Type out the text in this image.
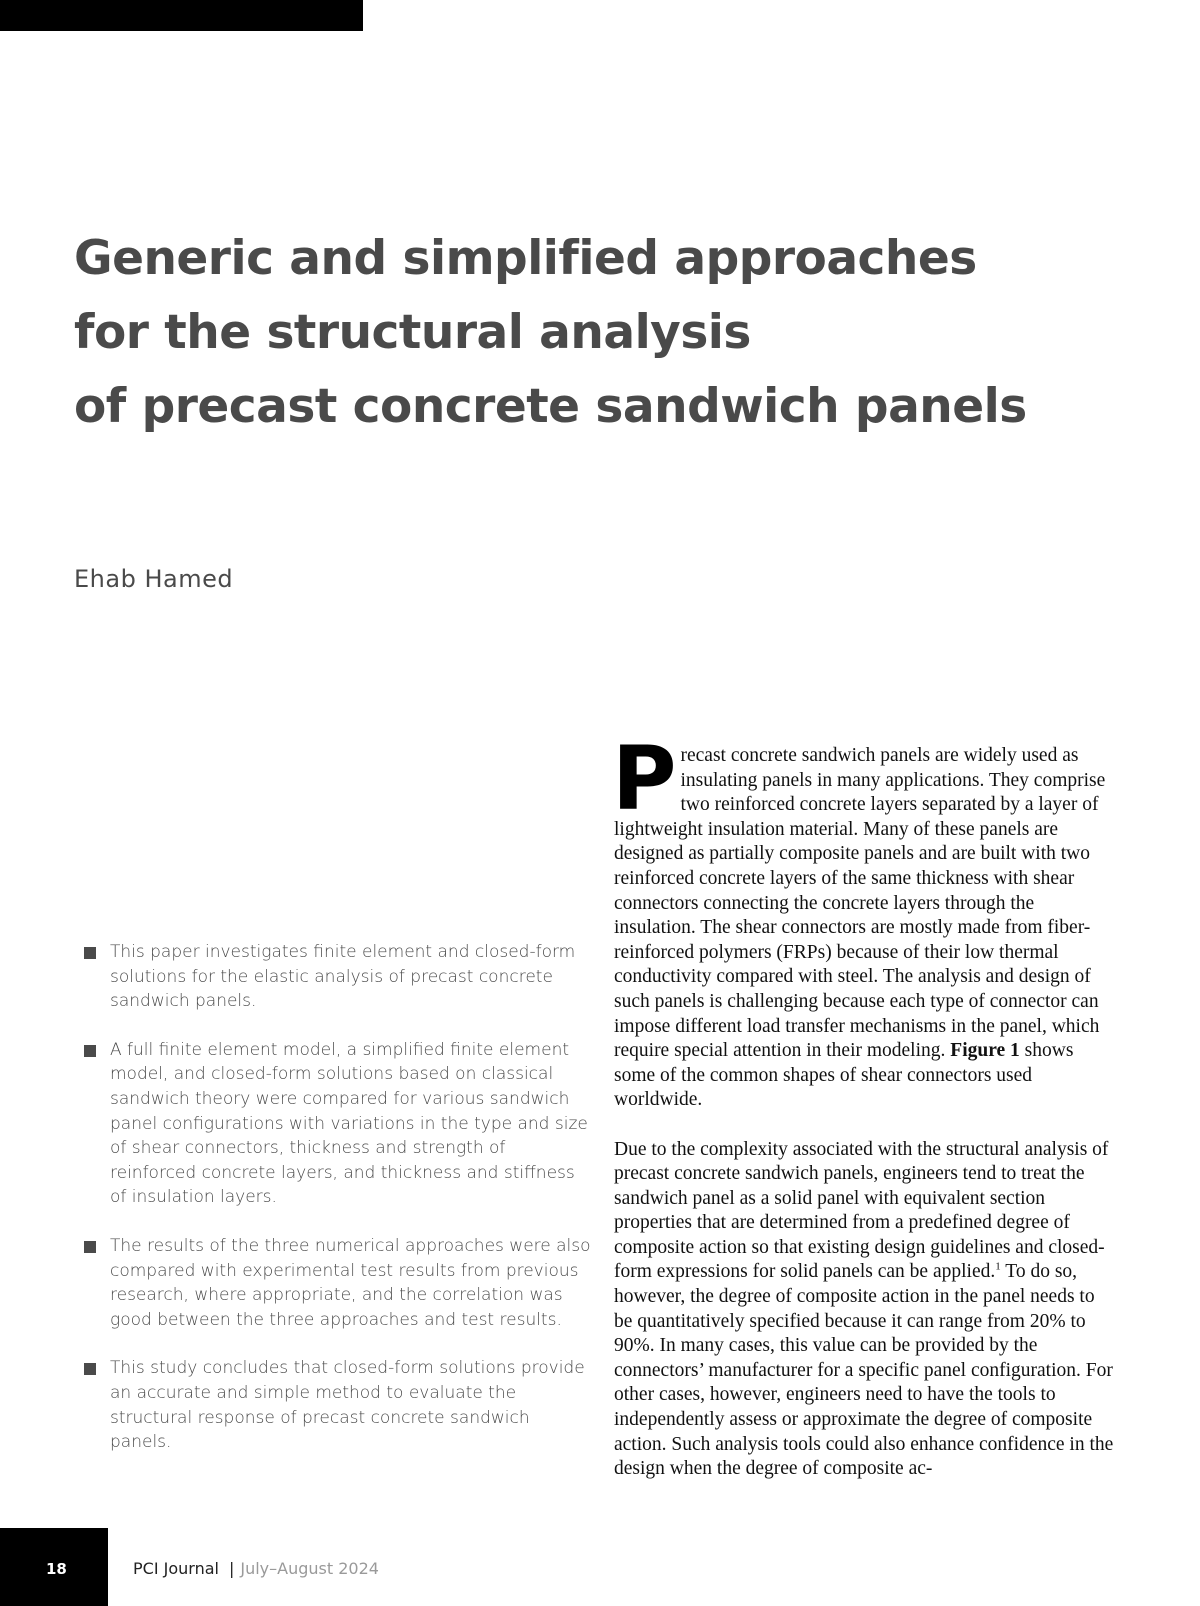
Generic and simplified approaches
for the structural analysis
of precast concrete sandwich panels
Ehab Hamed
This paper investigates finite element and closed-form solutions for the elastic analysis of precast concrete sandwich panels.
A full finite element model, a simplified finite element model, and closed-form solutions based on classical sandwich theory were compared for various sandwich panel configurations with variations in the type and size of shear connectors, thickness and strength of reinforced concrete layers, and thickness and stiffness of insulation layers.
The results of the three numerical approaches were also compared with experimental test results from previous research, where appropriate, and the correlation was good between the three approaches and test results.
This study concludes that closed-form solutions provide an accurate and simple method to evaluate the structural response of precast concrete sandwich panels.

Precast concrete sandwich panels are widely used as insulating panels in many applications. They comprise two reinforced concrete layers separated by a layer of lightweight insulation material. Many of these panels are designed as partially composite panels and are built with two reinforced concrete layers of the same thickness with shear connectors connecting the concrete layers through the insulation. The shear connectors are mostly made from fiber-reinforced polymers (FRPs) because of their low thermal conductivity compared with steel. The analysis and design of such panels is challenging because each type of connector can impose different load transfer mechanisms in the panel, which require special attention in their modeling. Figure 1 shows some of the common shapes of shear connectors used worldwide.

Due to the complexity associated with the structural analysis of precast concrete sandwich panels, engineers tend to treat the sandwich panel as a solid panel with equivalent section properties that are determined from a predefined degree of composite action so that existing design guidelines and closed-form expressions for solid panels can be applied.$^1$ To do so, however, the degree of composite action in the panel needs to be quantitatively specified because it can range from 20% to 90%. In many cases, this value can be provided by the connectors’ manufacturer for a specific panel configuration. For other cases, however, engineers need to have the tools to independently assess or approximate the degree of composite action. Such analysis tools could also enhance confidence in the design when the degree of composite ac-

18	PCI Journal | July–August 2024
